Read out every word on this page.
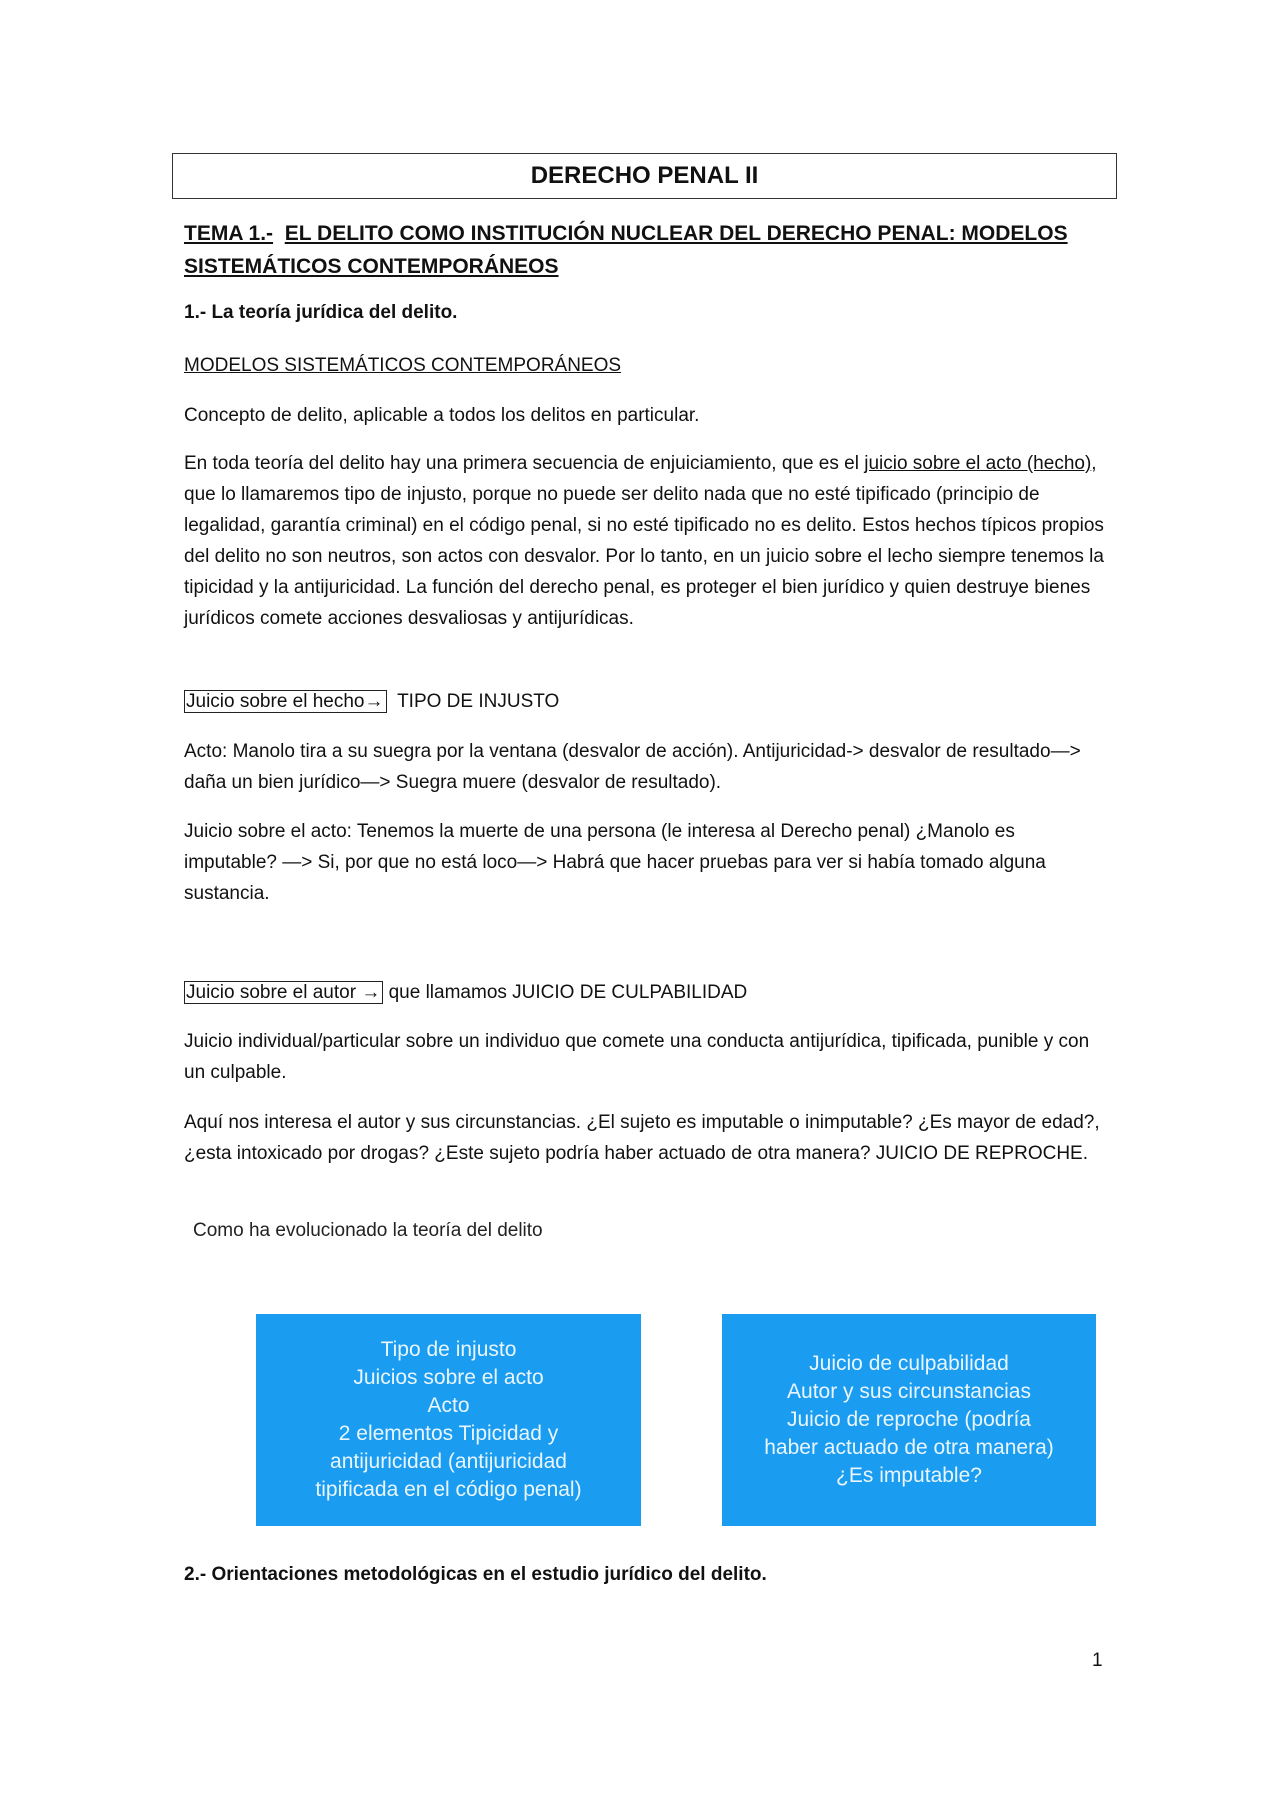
DERECHO PENAL II
TEMA 1.- EL DELITO COMO INSTITUCIÓN NUCLEAR DEL DERECHO PENAL: MODELOS SISTEMÁTICOS CONTEMPORÁNEOS
1.- La teoría jurídica del delito.
MODELOS SISTEMÁTICOS CONTEMPORÁNEOS
Concepto de delito, aplicable a todos los delitos en particular.
En toda teoría del delito hay una primera secuencia de enjuiciamiento, que es el juicio sobre el acto (hecho), que lo llamaremos tipo de injusto, porque no puede ser delito nada que no esté tipificado (principio de legalidad, garantía criminal) en el código penal, si no esté tipificado no es delito. Estos hechos típicos propios del delito no son neutros, son actos con desvalor. Por lo tanto, en un juicio sobre el lecho siempre tenemos la tipicidad y la antijuricidad. La función del derecho penal, es proteger el bien jurídico y quien destruye bienes jurídicos comete acciones desvaliosas y antijurídicas.
Juicio sobre el hecho→ TIPO DE INJUSTO
Acto: Manolo tira a su suegra por la ventana (desvalor de acción). Antijuricidad-> desvalor de resultado—> daña un bien jurídico—> Suegra muere (desvalor de resultado).
Juicio sobre el acto: Tenemos la muerte de una persona (le interesa al Derecho penal) ¿Manolo es imputable? —> Si, por que no está loco—> Habrá que hacer pruebas para ver si había tomado alguna sustancia.
Juicio sobre el autor → que llamamos JUICIO DE CULPABILIDAD
Juicio individual/particular sobre un individuo que comete una conducta antijurídica, tipificada, punible y con un culpable.
Aquí nos interesa el autor y sus circunstancias. ¿El sujeto es imputable o inimputable? ¿Es mayor de edad?, ¿esta intoxicado por drogas? ¿Este sujeto podría haber actuado de otra manera? JUICIO DE REPROCHE.
Como ha evolucionado la teoría del delito
Tipo de injusto
Juicios sobre el acto
Acto
2 elementos Tipicidad y
antijuricidad (antijuricidad
tipificada en el código penal)
Juicio de culpabilidad
Autor y sus circunstancias
Juicio de reproche (podría
haber actuado de otra manera)
¿Es imputable?
2.- Orientaciones metodológicas en el estudio jurídico del delito.
1
